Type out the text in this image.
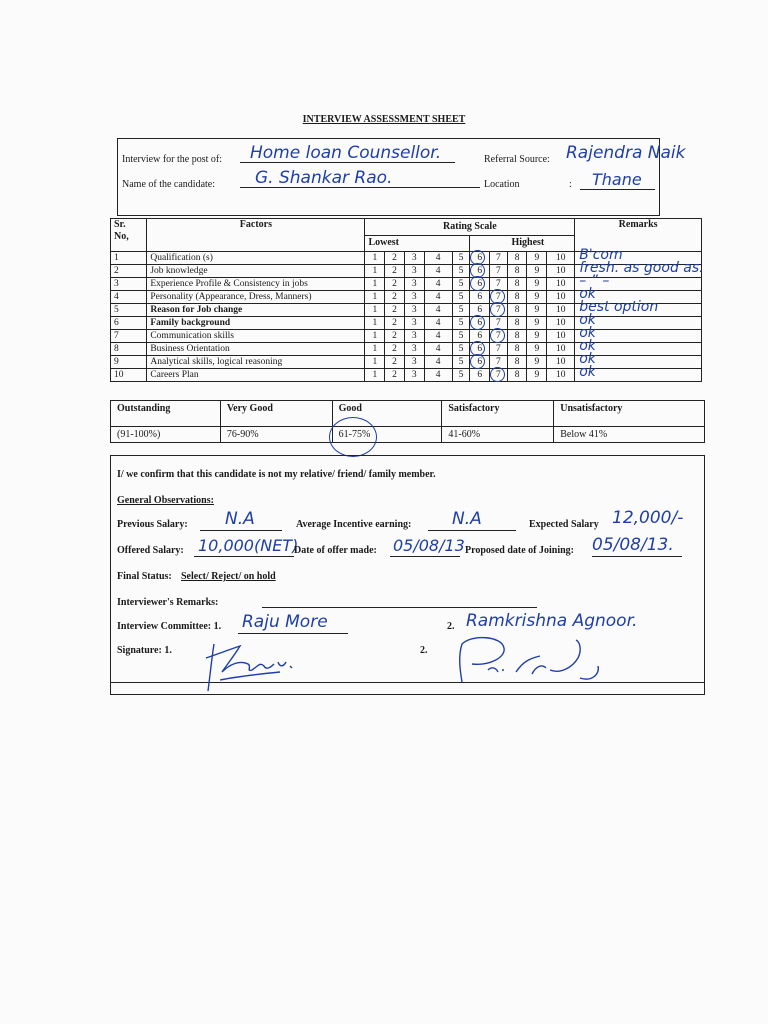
INTERVIEW ASSESSMENT SHEET
Interview for the post of: Home loan Counsellor.	Referral Source: Rajendra Naik
Name of the candidate: G. Shankar Rao.	Location	: Thane
Sr.
No,	Factors	Rating Scale										Remarks
		Lowest					Highest					
1	Qualification (s)	1	2	3	4	5	6	7	8	9	10	B'com

2	Job knowledge	1	2	3	4	5	6	7	8	9	10	fresh. as good as.

3	Experience Profile & Consistency in jobs	1	2	3	4	5	6	7	8	9	10	– ” –

4	Personality (Appearance, Dress, Manners)	1	2	3	4	5	6	7	8	9	10	ok

5	Reason for Job change	1	2	3	4	5	6	7	8	9	10	best option

6	Family background	1	2	3	4	5	6	7	8	9	10	ok

7	Communication skills	1	2	3	4	5	6	7	8	9	10	ok

8	Business Orientation	1	2	3	4	5	6	7	8	9	10	ok

9	Analytical skills, logical reasoning	1	2	3	4	5	6	7	8	9	10	ok

10	Careers Plan	1	2	3	4	5	6	7	8	9	10	ok
Outstanding	Very Good	Good	Satisfactory	Unsatisfactory
(91-100%)	76-90%	61-75%	41-60%	Below 41%
I/ we confirm that this candidate is not my relative/ friend/ family member.
General Observations:
Previous Salary: N.A	Average Incentive earning: N.A	Expected Salary 12,000/-
Offered Salary: 10,000(NET)
Date of offer made: 05/08/13 Proposed date of Joining: 05/08/13.
Final Status: Select/ Reject/ on hold
Interviewer's Remarks:
Interview Committee: 1. Raju More	2. Ramkrishna Agnoor.
Signature: 1.	2.
